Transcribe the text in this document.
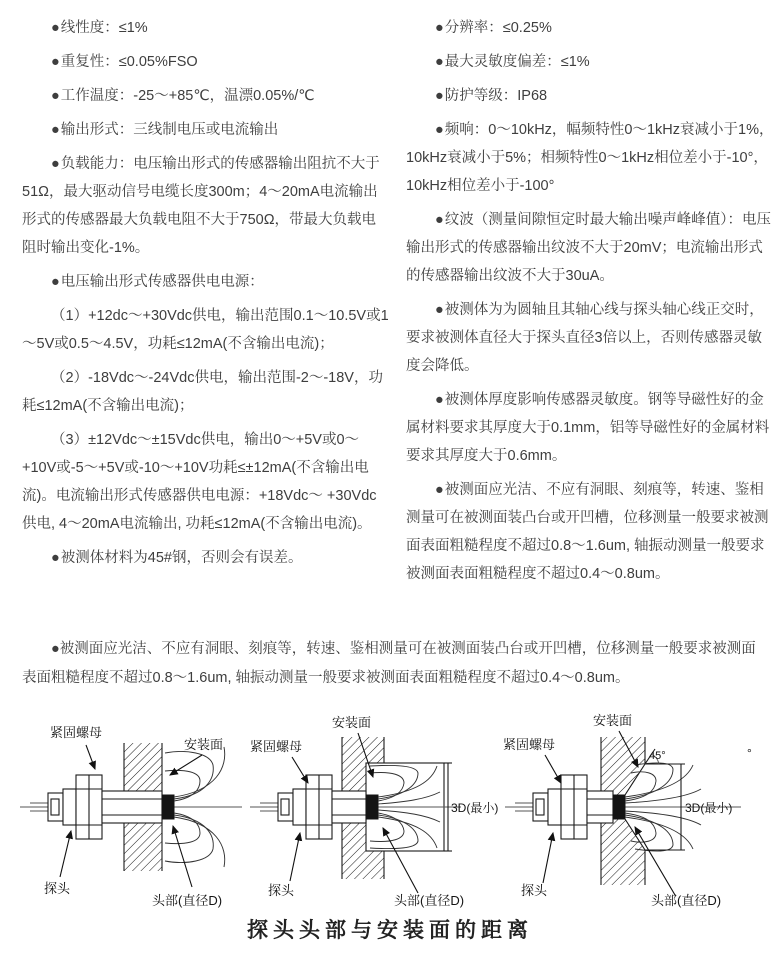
●线性度：≤1%

●重复性：≤0.05%FSO

●工作温度：-25～+85℃，温漂0.05%/℃

●输出形式：三线制电压或电流输出

●负载能力：电压输出形式的传感器输出阻抗不大于51Ω，最大驱动信号电缆长度300m；4～20mA电流输出形式的传感器最大负载电阻不大于750Ω，带最大负载电阻时输出变化-1%。

●电压输出形式传感器供电电源：

（1）+12dc～+30Vdc供电，输出范围0.1～10.5V或1～5V或0.5～4.5V，功耗≤12mA(不含输出电流)；

（2）-18Vdc～-24Vdc供电，输出范围-2～-18V，功耗≤12mA(不含输出电流)；

（3）±12Vdc～±15Vdc供电，输出0～+5V或0～+10V或-5～+5V或-10～+10V功耗≤±12mA(不含输出电流)。电流输出形式传感器供电电源：+18Vdc～ +30Vdc供电, 4～20mA电流输出, 功耗≤12mA(不含输出电流)。

●被测体材料为45#钢，否则会有误差。

●分辨率：≤0.25%

●最大灵敏度偏差：≤1%

●防护等级：IP68

●频响：0～10kHz，幅频特性0～1kHz衰减小于1%，10kHz衰减小于5%；相频特性0～1kHz相位差小于-10°，10kHz相位差小于-100°

●纹波（测量间隙恒定时最大输出噪声峰峰值）：电压输出形式的传感器输出纹波不大于20mV；电流输出形式的传感器输出纹波不大于30uA。

●被测体为为圆轴且其轴心线与探头轴心线正交时，要求被测体直径大于探头直径3倍以上，否则传感器灵敏度会降低。

●被测体厚度影响传感器灵敏度。钢等导磁性好的金属材料要求其厚度大于0.1mm，铝等导磁性好的金属材料要求其厚度大于0.6mm。

●被测面应光洁、不应有洞眼、刻痕等，转速、鉴相测量可在被测面装凸台或开凹槽，位移测量一般要求被测面表面粗糙程度不超过0.8～1.6um, 轴振动测量一般要求被测面表面粗糙程度不超过0.4～0.8um。

●被测面应光洁、不应有洞眼、刻痕等，转速、鉴相测量可在被测面装凸台或开凹槽，位移测量一般要求被测面表面粗糙程度不超过0.8～1.6um, 轴振动测量一般要求被测面表面粗糙程度不超过0.4～0.8um。

紧固螺母
安装面
探头
头部(直径D)
安装面
紧固螺母
探头
头部(直径D)
3D(最小)
安装面
紧固螺母
探头
头部(直径D)
3D(最小)
45°	°
探头头部与安装面的距离
